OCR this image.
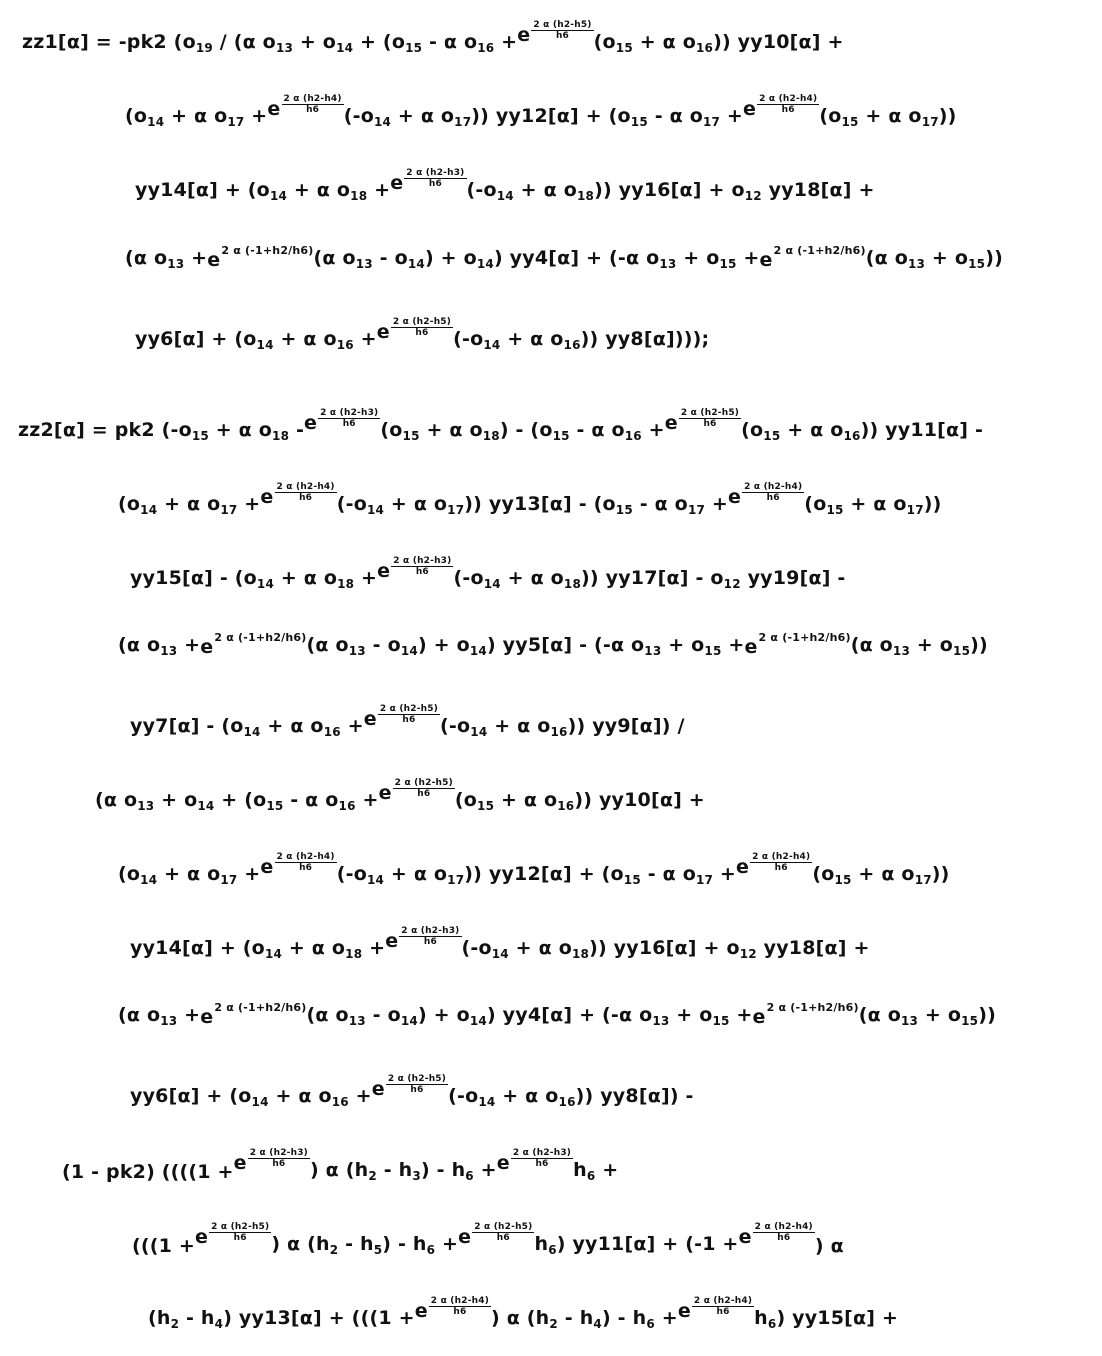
zz1[α] = -pk2 ($o_{19} / (\alpha$ $o_{13} + o_{14} + (o_{15} - \alpha$ $o_{16} + e \frac{2 \alpha (h2-h5)}{h6}$
($o_{15} + \alpha$ $o_{16}$)) yy10[α] +
($o_{14} + \alpha$ $o_{17} + e \frac{2 \alpha (h2-h4)}{h6}$
($-o_{14} + \alpha$ $o_{17}$)) $yy12[\alpha] + (o_{15} - \alpha$ $o_{17} + e \frac{2 \alpha (h2-h4)}{h6}$
($o_{15} + \alpha$ $o_{17}$))
$yy14[\alpha] + (o_{14} + \alpha$ $o_{18} + e \frac{2 \alpha (h2-h3)}{h6}$
($-o_{14} + \alpha$ $o_{18}$)) $yy16[\alpha] + o_{12}$ yy18[α] +
(α $o_{13} + e$ 2 α (-1+h2/h6) (α $o_{13} - o_{14}) + o_{14}$) yy4[α] + (-α $o_{13} + o_{15} + e$ 2 α (-1+h2/h6) (α $o_{13} + o_{15}$))
$yy6[\alpha] + (o_{14} + \alpha$ $o_{16} + e \frac{2 \alpha (h2-h5)}{h6}$
($-o_{14} + \alpha$ $o_{16}$)) yy8[α])));
zz2[α] = pk2 ($-o_{15} + \alpha$ $o_{18}$ - e $\frac{2 \alpha (h2-h3)}{h6}$
($o_{15} + \alpha$ $o_{18}) - (o_{15}$ - α $o_{16} + e \frac{2 \alpha (h2-h5)}{h6}$
($o_{15} + \alpha$ $o_{16}$)) yy11[α] -
($o_{14} + \alpha$ $o_{17} + e \frac{2 \alpha (h2-h4)}{h6}$
($-o_{14} + \alpha$ $o_{17}$)) $yy13[\alpha] - (o_{15}$ - α $o_{17} + e \frac{2 \alpha (h2-h4)}{h6}$
($o_{15} + \alpha$ $o_{17}$))
$yy15[\alpha] - (o_{14} + \alpha$ $o_{18} + e \frac{2 \alpha (h2-h3)}{h6}$
($-o_{14} + \alpha$ $o_{18}$)) $yy17[\alpha] - o_{12}$ yy19[α] -
(α $o_{13} + e$ 2 α (-1+h2/h6) (α $o_{13} - o_{14}) + o_{14}$) yy5[α] - (-α $o_{13} + o_{15} + e$ 2 α (-1+h2/h6) (α $o_{13} + o_{15}$))
$yy7[\alpha] - (o_{14} + \alpha$ $o_{16} + e \frac{2 \alpha (h2-h5)}{h6}$
($-o_{14} + \alpha$ $o_{16}$)) yy9[α]) /
(α $o_{13} + o_{14} + (o_{15} - \alpha$ $o_{16} + e \frac{2 \alpha (h2-h5)}{h6}$
($o_{15} + \alpha$ $o_{16}$)) yy10[α] +
($o_{14} + \alpha$ $o_{17} + e \frac{2 \alpha (h2-h4)}{h6}$
($-o_{14} + \alpha$ $o_{17}$)) $yy12[\alpha] + (o_{15} - \alpha$ $o_{17} + e \frac{2 \alpha (h2-h4)}{h6}$
($o_{15} + \alpha$ $o_{17}$))
$yy14[\alpha] + (o_{14} + \alpha$ $o_{18} + e \frac{2 \alpha (h2-h3)}{h6}$
($-o_{14} + \alpha$ $o_{18}$)) $yy16[\alpha] + o_{12}$ yy18[α] +
(α $o_{13} + e$ 2 α (-1+h2/h6) (α $o_{13} - o_{14}) + o_{14}$) yy4[α] + (-α $o_{13} + o_{15} + e$ 2 α (-1+h2/h6) (α $o_{13} + o_{15}$))
$yy6[\alpha] + (o_{14} + \alpha$ $o_{16} + e \frac{2 \alpha (h2-h5)}{h6}$
($-o_{14} + \alpha$ $o_{16}$)) yy8[α]) -
(1 - pk2) ((((1 + e $\frac{2 \alpha (h2-h3)}{h6}$
) α $(h_2 - h_3) - h_6 + e \frac{2 \alpha (h2-h3)}{h6}$
$h_6$ +
(((1 + e $\frac{2 \alpha (h2-h5)}{h6}$
) α $(h_2 - h_5) - h_6 + e \frac{2 \alpha (h2-h5)}{h6}$
$h_6$) yy11[α] + (-1 + e $\frac{2 \alpha (h2-h4)}{h6}$
) α
$(h_2 - h_4) yy13[\alpha] + (((1 + e \frac{2 \alpha (h2-h4)}{h6}$
) α $(h_2 - h_4) - h_6 + e \frac{2 \alpha (h2-h4)}{h6}$
$h_6$) yy15[α] +
